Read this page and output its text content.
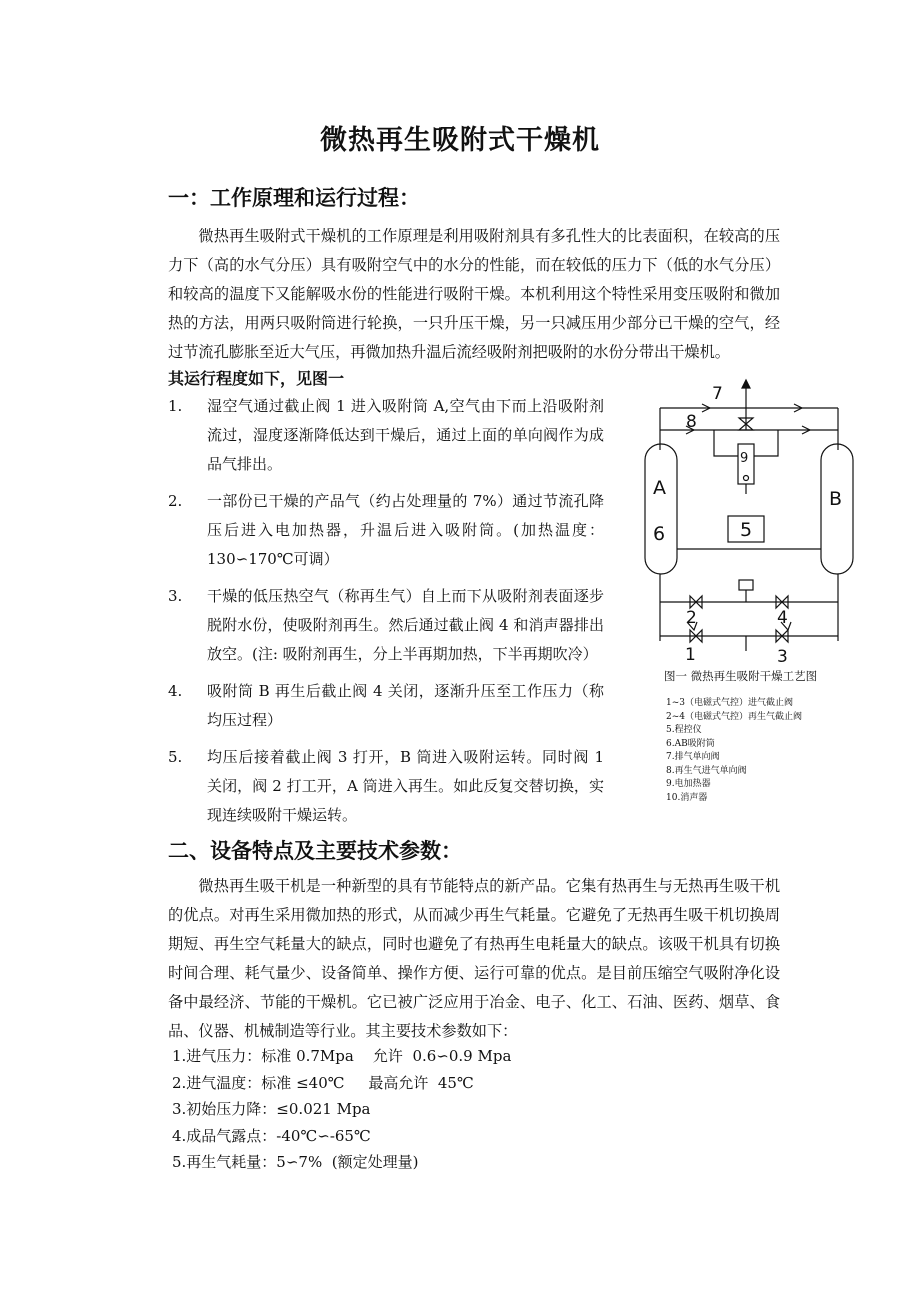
微热再生吸附式干燥机
一：工作原理和运行过程：
微热再生吸附式干燥机的工作原理是利用吸附剂具有多孔性大的比表面积，在较高的压力下（高的水气分压）具有吸附空气中的水分的性能，而在较低的压力下（低的水气分压）和较高的温度下又能解吸水份的性能进行吸附干燥。本机利用这个特性采用变压吸附和微加热的方法，用两只吸附筒进行轮换，一只升压干燥，另一只减压用少部分已干燥的空气，经过节流孔膨胀至近大气压，再微加热升温后流经吸附剂把吸附的水份分带出干燥机。
其运行程度如下，见图一
1. 湿空气通过截止阀 1 进入吸附筒 A,空气由下而上沿吸附剂流过，湿度逐渐降低达到干燥后，通过上面的单向阀作为成品气排出。
2. 一部份已干燥的产品气（约占处理量的 7%）通过节流孔降压后进入电加热器，升温后进入吸附筒。(加热温度：130∽170℃可调）
3. 干燥的低压热空气（称再生气）自上而下从吸附剂表面逐步脱附水份，使吸附剂再生。然后通过截止阀 4 和消声器排出放空。(注: 吸附剂再生，分上半再期加热，下半再期吹冷）
4. 吸附筒 B 再生后截止阀 4 关闭，逐渐升压至工作压力（称均压过程）
5. 均压后接着截止阀 3 打开，B 筒进入吸附运转。同时阀 1 关闭，阀 2 打工开，A 筒进入再生。如此反复交替切换，实现连续吸附干燥运转。
7
8
9
A
6
B
5
2	4
1	3
图一 微热再生吸附干燥工艺图
1~3（电磁式气控）进气截止阀
2~4（电磁式气控）再生气截止阀
5.程控仪
6.AB吸附筒
7.排气单向阀
8.再生气进气单向阀
9.电加热器
10.消声器
二、设备特点及主要技术参数：
微热再生吸干机是一种新型的具有节能特点的新产品。它集有热再生与无热再生吸干机的优点。对再生采用微加热的形式，从而减少再生气耗量。它避免了无热再生吸干机切换周期短、再生空气耗量大的缺点，同时也避免了有热再生电耗量大的缺点。该吸干机具有切换时间合理、耗气量少、设备简单、操作方便、运行可靠的优点。是目前压缩空气吸附净化设备中最经济、节能的干燥机。它已被广泛应用于冶金、电子、化工、石油、医药、烟草、食品、仪器、机械制造等行业。其主要技术参数如下：
1.进气压力：标准 0.7Mpa    允许  0.6∽0.9 Mpa
2.进气温度：标准 ≤40℃     最高允许  45℃
3.初始压力降：≤0.021 Mpa
4.成品气露点：-40℃∽-65℃
5.再生气耗量：5∽7%  (额定处理量)
